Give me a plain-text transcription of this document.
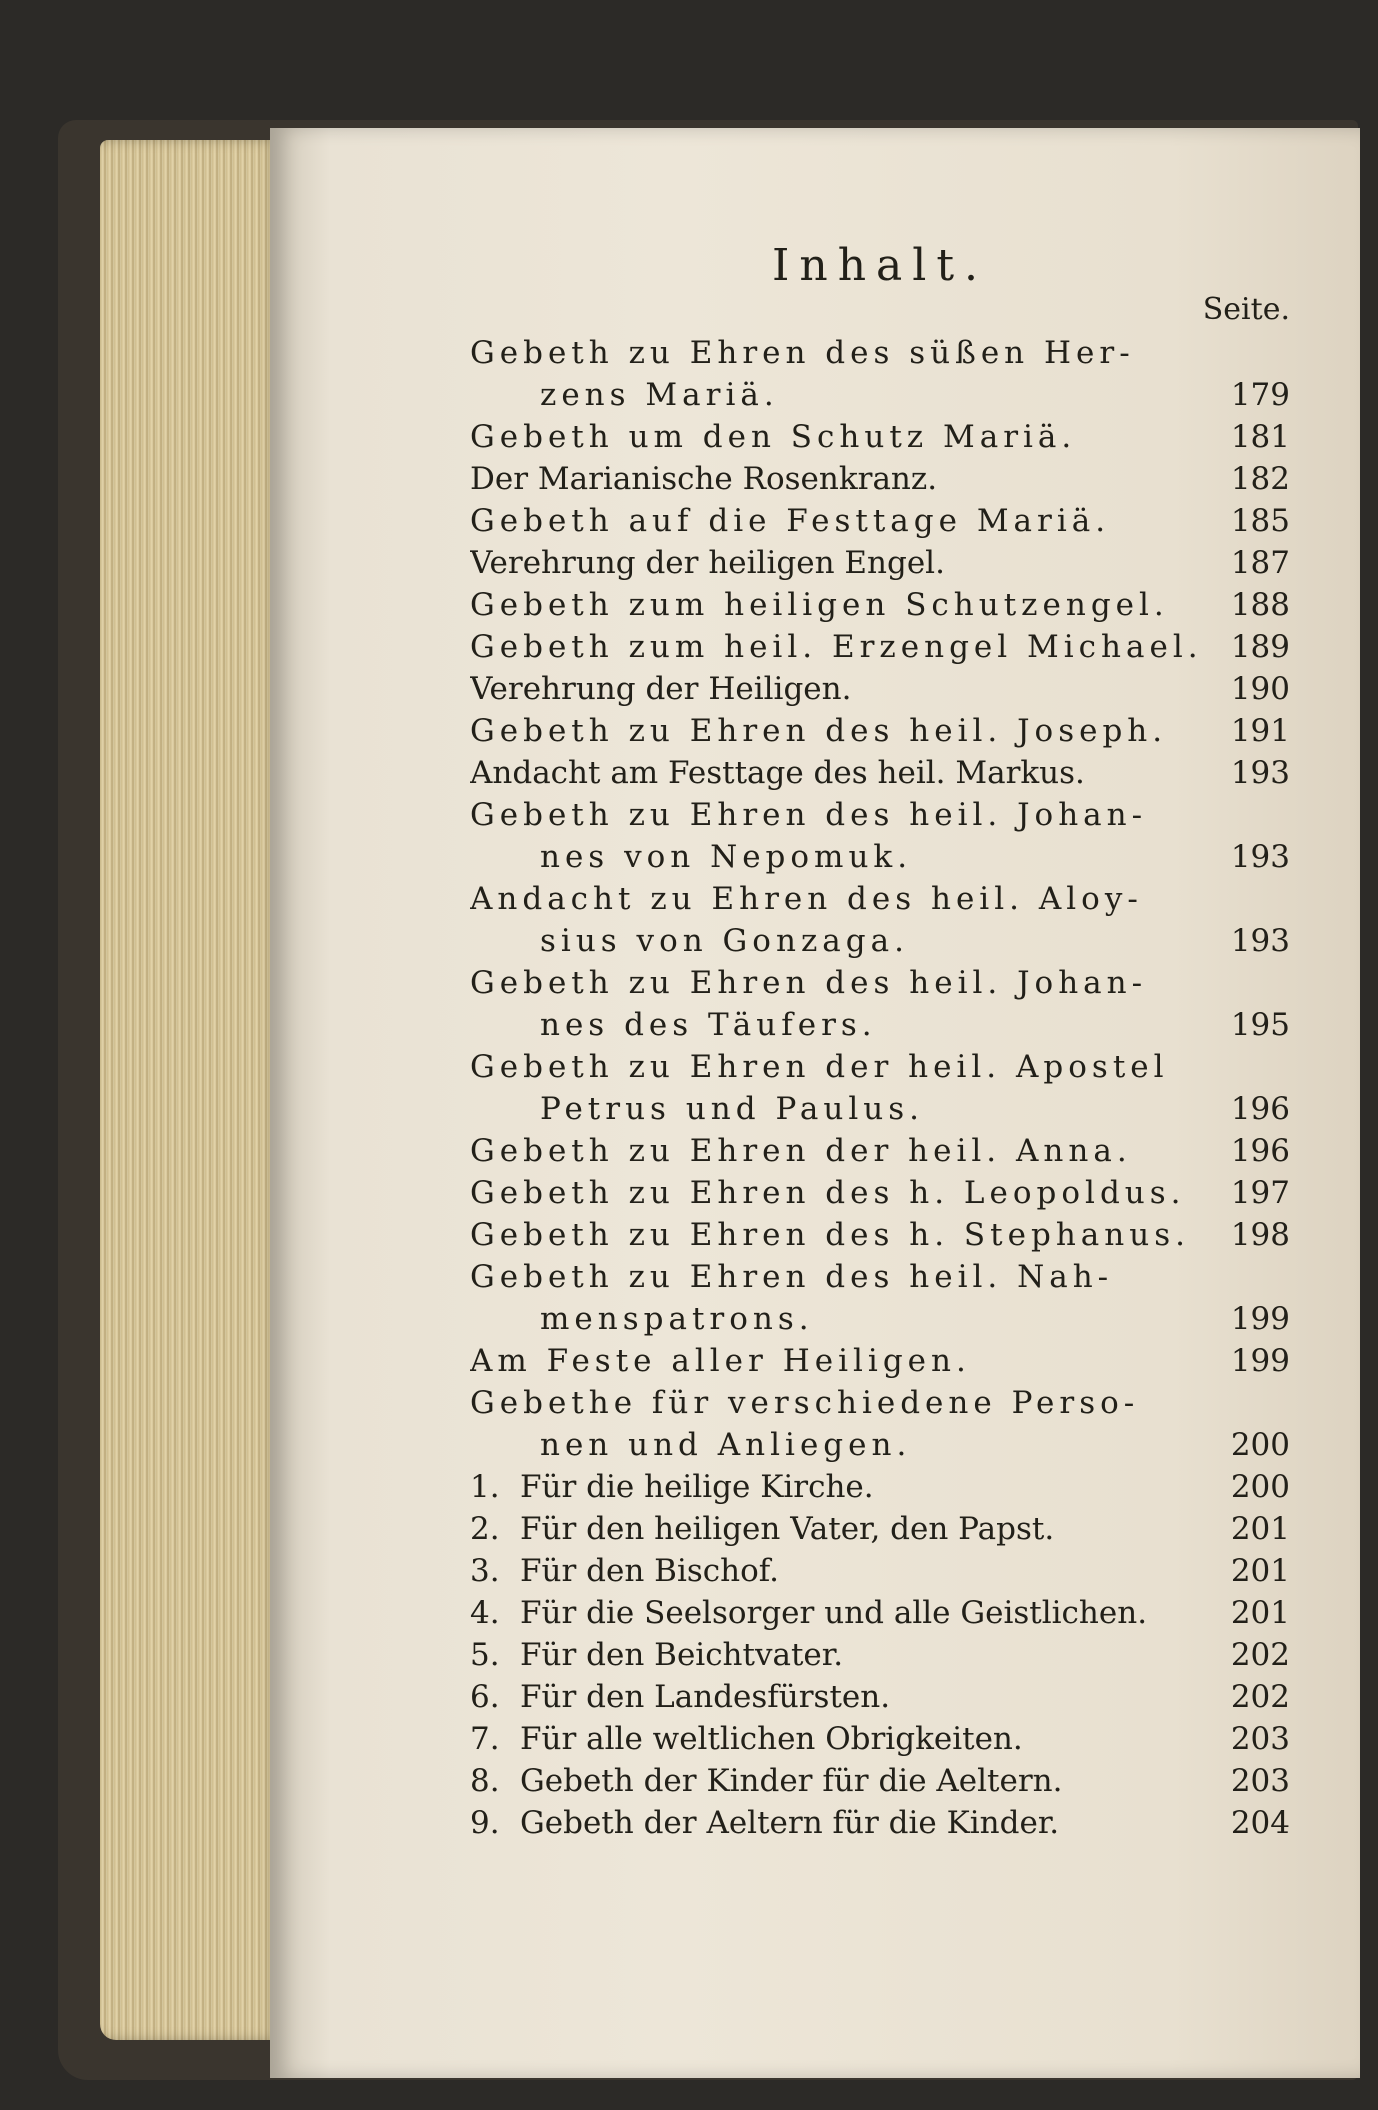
Inhalt.
Seite.
Gebeth zu Ehren des süßen Her-
zens Mariä.	179
Gebeth um den Schutz Mariä.	181
Der Marianische Rosenkranz.	182
Gebeth auf die Festtage Mariä.	185
Verehrung der heiligen Engel.	187
Gebeth zum heiligen Schutzengel.	188
Gebeth zum heil. Erzengel Michael. 189
Verehrung der Heiligen.	190
Gebeth zu Ehren des heil. Joseph.	191
Andacht am Festtage des heil. Markus.	193
Gebeth zu Ehren des heil. Johan-
nes von Nepomuk.	193
Andacht zu Ehren des heil. Aloy-
sius von Gonzaga.	193
Gebeth zu Ehren des heil. Johan-
nes des Täufers.	195
Gebeth zu Ehren der heil. Apostel
Petrus und Paulus.	196
Gebeth zu Ehren der heil. Anna.	196
Gebeth zu Ehren des h. Leopoldus.	197
Gebeth zu Ehren des h. Stephanus.	198
Gebeth zu Ehren des heil. Nah-
menspatrons.	199
Am Feste aller Heiligen.	199
Gebethe für verschiedene Perso-
nen und Anliegen.	200
1. Für die heilige Kirche.	200
2. Für den heiligen Vater, den Papst.	201
3. Für den Bischof.	201
4. Für die Seelsorger und alle Geistlichen.	201
5. Für den Beichtvater.	202
6. Für den Landesfürsten.	202
7. Für alle weltlichen Obrigkeiten.	203
8. Gebeth der Kinder für die Aeltern.	203
9. Gebeth der Aeltern für die Kinder.	204
